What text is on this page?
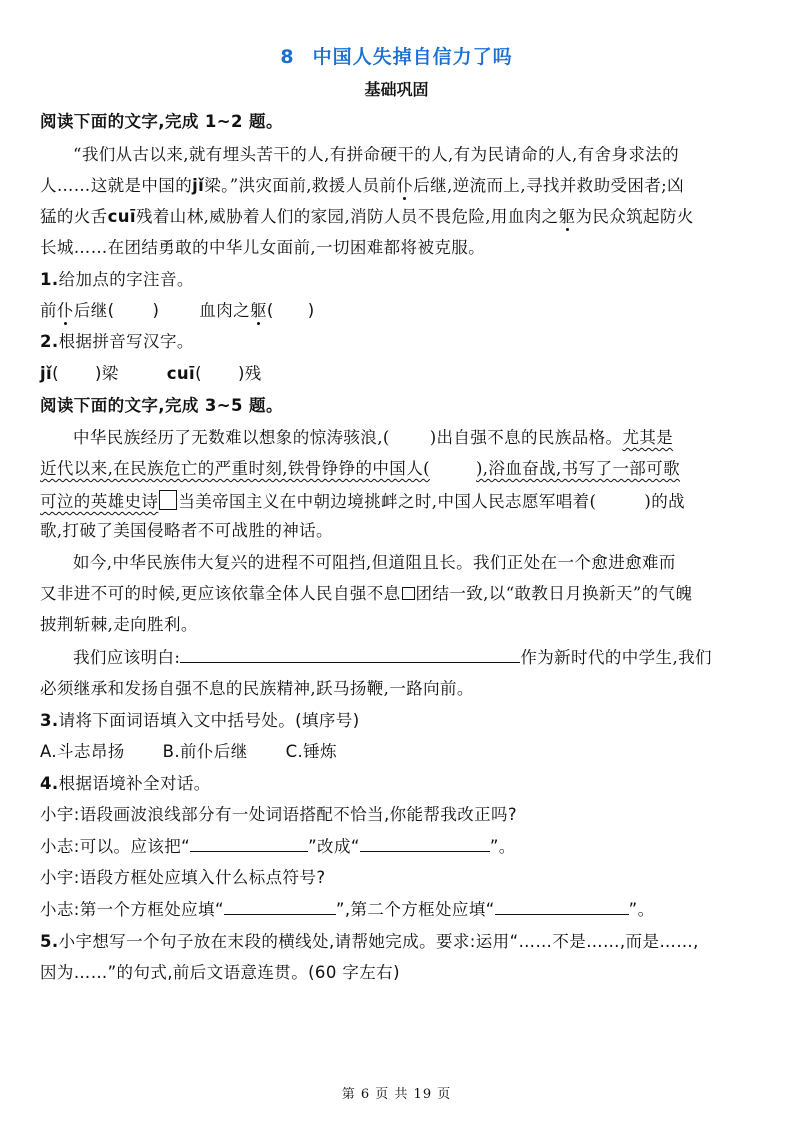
8 中国人失掉自信力了吗
基础巩固
阅读下面的文字,完成 1~2 题。
“我们从古以来,就有埋头苦干的人,有拼命硬干的人,有为民请命的人,有舍身求法的
人……这就是中国的jǐ梁。”洪灾面前,救援人员前仆后继,逆流而上,寻找并救助受困者;凶
猛的火舌cuī残着山林,威胁着人们的家园,消防人员不畏危险,用血肉之躯为民众筑起防火
长城……在团结勇敢的中华儿女面前,一切困难都将被克服。
1.给加点的字注音。
前仆后继( ) 血肉之躯( )
2.根据拼音写汉字。
jǐ( )梁	cuī( )残
阅读下面的文字,完成 3~5 题。
中华民族经历了无数难以想象的惊涛骇浪,( )出自强不息的民族品格。尤其是
近代以来,在民族危亡的严重时刻,铁骨铮铮的中国人(	),浴血奋战,书写了一部可歌
可泣的英雄史诗 当美帝国主义在中朝边境挑衅之时,中国人民志愿军唱着(	)的战
歌,打破了美国侵略者不可战胜的神话。
如今,中华民族伟大复兴的进程不可阻挡,但道阻且长。我们正处在一个愈进愈难而
又非进不可的时候,更应该依靠全体人民自强不息 团结一致,以“敢教日月换新天”的气魄
披荆斩棘,走向胜利。
我们应该明白:	作为新时代的中学生,我们
必须继承和发扬自强不息的民族精神,跃马扬鞭,一路向前。
3.请将下面词语填入文中括号处。(填序号)
A.斗志昂扬 B.前仆后继 C.锤炼
4.根据语境补全对话。
小宇:语段画波浪线部分有一处词语搭配不恰当,你能帮我改正吗?
小志:可以。应该把“	”改成“	”。
小宇:语段方框处应填入什么标点符号?
小志:第一个方框处应填“	”,第二个方框处应填“	”。
5.小宇想写一个句子放在末段的横线处,请帮她完成。要求:运用“……不是……,而是……,
因为……”的句式,前后文语意连贯。(60 字左右)
第 6 页 共 19 页
